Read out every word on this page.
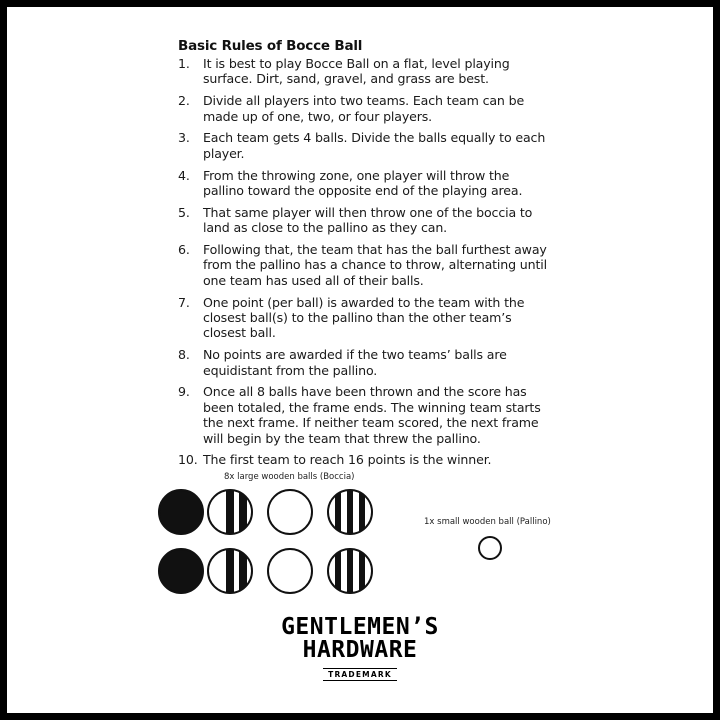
Basic Rules of Bocce Ball
1.	It is best to play Bocce Ball on a flat, level playing surface. Dirt, sand, gravel, and grass are best.
2.	Divide all players into two teams. Each team can be made up of one, two, or four players.
3.	Each team gets 4 balls. Divide the balls equally to each player.
4.	From the throwing zone, one player will throw the pallino toward the opposite end of the playing area.
5.	That same player will then throw one of the boccia to land as close to the pallino as they can.
6.	Following that, the team that has the ball furthest away from the pallino has a chance to throw, alternating until one team has used all of their balls.
7.	One point (per ball) is awarded to the team with the closest ball(s) to the pallino than the other team’s closest ball.
8.	No points are awarded if the two teams’ balls are equidistant from the pallino.
9.	Once all 8 balls have been thrown and the score has been totaled, the frame ends. The winning team starts the next frame. If neither team scored, the next frame will begin by the team that threw the pallino.
10. The first team to reach 16 points is the winner.
8x large wooden balls (Boccia)
1x small wooden ball (Pallino)
GENTLEMEN’S
HARDWARE
TRADEMARK
